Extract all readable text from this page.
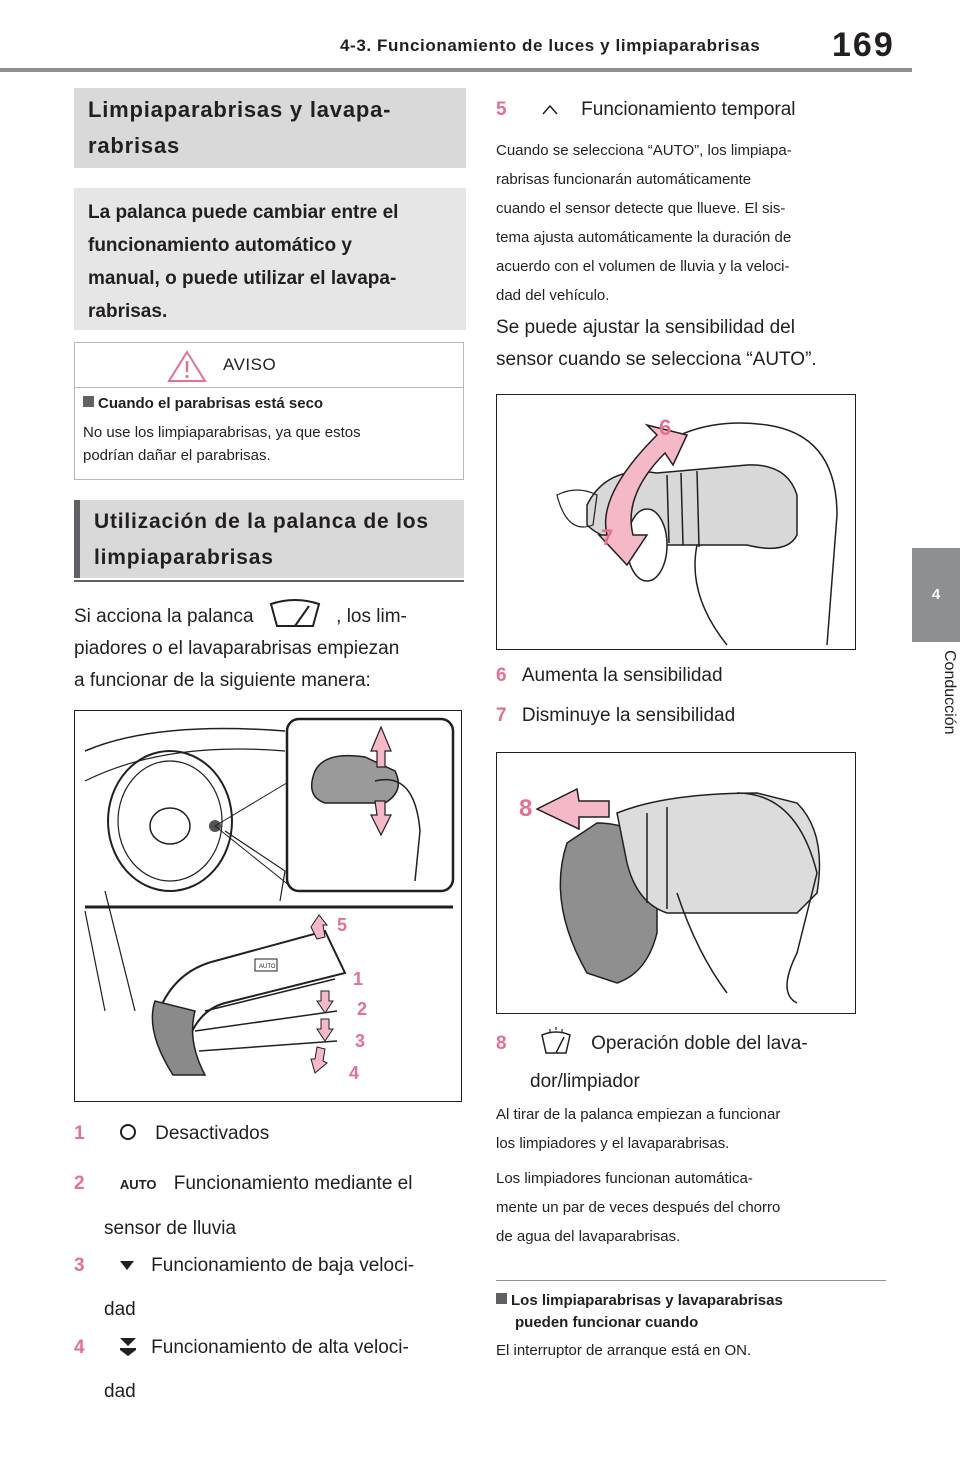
4-3. Funcionamiento de luces y limpiaparabrisas 169
4
Conducción
Limpiaparabrisas y lavapa-
rabrisas
La palanca puede cambiar entre el
funcionamiento automático y
manual, o puede utilizar el lavapa-
rabrisas.
AVISO
Cuando el parabrisas está seco
No use los limpiaparabrisas, ya que estos
podrían dañar el parabrisas.
Utilización de la palanca de los
limpiaparabrisas
Si acciona la palanca	, los lim-
piadores o el lavaparabrisas empiezan
a funcionar de la siguiente manera:
AUTO
5
1
2
3
4
1	Desactivados
2	AUTO Funcionamiento mediante el
sensor de lluvia
3	Funcionamiento de baja veloci-
dad
4	Funcionamiento de alta veloci-
dad
5	Funcionamiento temporal
Cuando se selecciona “AUTO”, los limpiapa-
rabrisas funcionarán automáticamente
cuando el sensor detecte que llueve. El sis-
tema ajusta automáticamente la duración de
acuerdo con el volumen de lluvia y la veloci-
dad del vehículo.
Se puede ajustar la sensibilidad del
sensor cuando se selecciona “AUTO”.
6
7
6 Aumenta la sensibilidad
7 Disminuye la sensibilidad
8
8	Operación doble del lava-
dor/limpiador
Al tirar de la palanca empiezan a funcionar
los limpiadores y el lavaparabrisas.
Los limpiadores funcionan automática-
mente un par de veces después del chorro
de agua del lavaparabrisas.
Los limpiaparabrisas y lavaparabrisas
pueden funcionar cuando
El interruptor de arranque está en ON.
